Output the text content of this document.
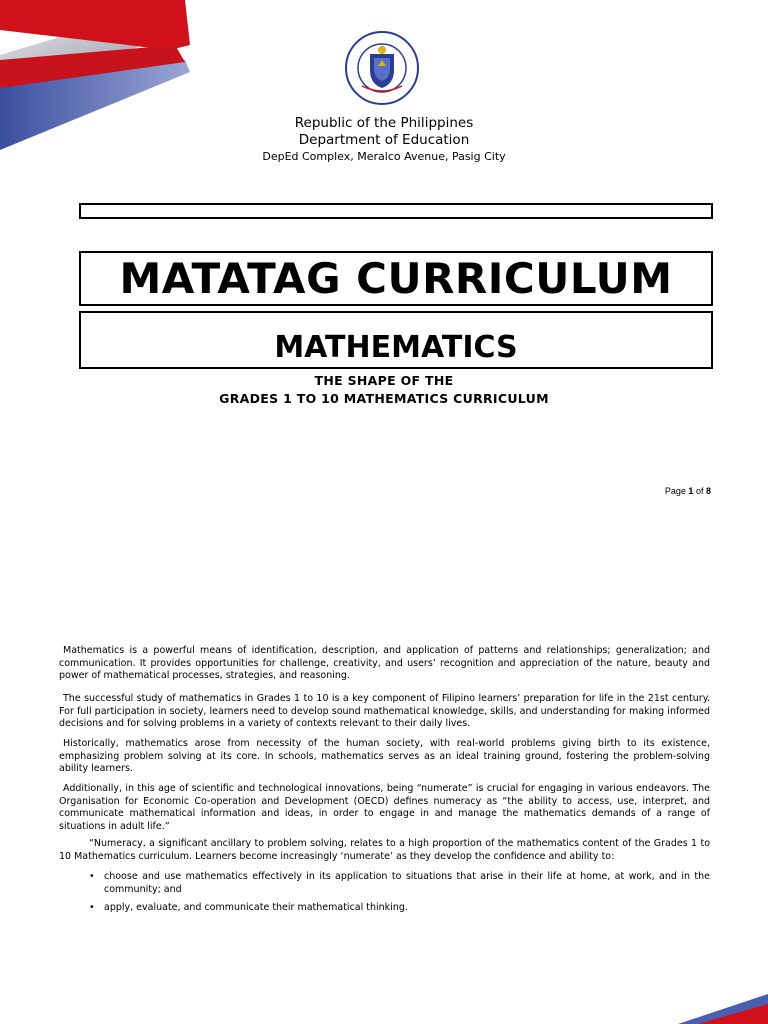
Republic of the Philippines
Department of Education
DepEd Complex, Meralco Avenue, Pasig City
MATATAG CURRICULUM
MATHEMATICS
THE SHAPE OF THE
GRADES 1 TO 10 MATHEMATICS CURRICULUM
Page 1 of 8

Mathematics is a powerful means of identification, description, and application of patterns and relationships; generalization; and communication. It provides opportunities for challenge, creativity, and users’ recognition and appreciation of the nature, beauty and power of mathematical processes, strategies, and reasoning.

The successful study of mathematics in Grades 1 to 10 is a key component of Filipino learners’ preparation for life in the 21st century. For full participation in society, learners need to develop sound mathematical knowledge, skills, and understanding for making informed decisions and for solving problems in a variety of contexts relevant to their daily lives.

Historically, mathematics arose from necessity of the human society, with real-world problems giving birth to its existence, emphasizing problem solving at its core. In schools, mathematics serves as an ideal training ground, fostering the problem-solving ability learners.

Additionally, in this age of scientific and technological innovations, being “numerate” is crucial for engaging in various endeavors. The Organisation for Economic Co-operation and Development (OECD) defines numeracy as “the ability to access, use, interpret, and communicate mathematical information and ideas, in order to engage in and manage the mathematics demands of a range of situations in adult life.”

“Numeracy, a significant ancillary to problem solving, relates to a high proportion of the mathematics content of the Grades 1 to 10 Mathematics curriculum. Learners become increasingly ‘numerate’ as they develop the confidence and ability to:

• choose and use mathematics effectively in its application to situations that arise in their life at home, at work, and in the community; and
• apply, evaluate, and communicate their mathematical thinking.
